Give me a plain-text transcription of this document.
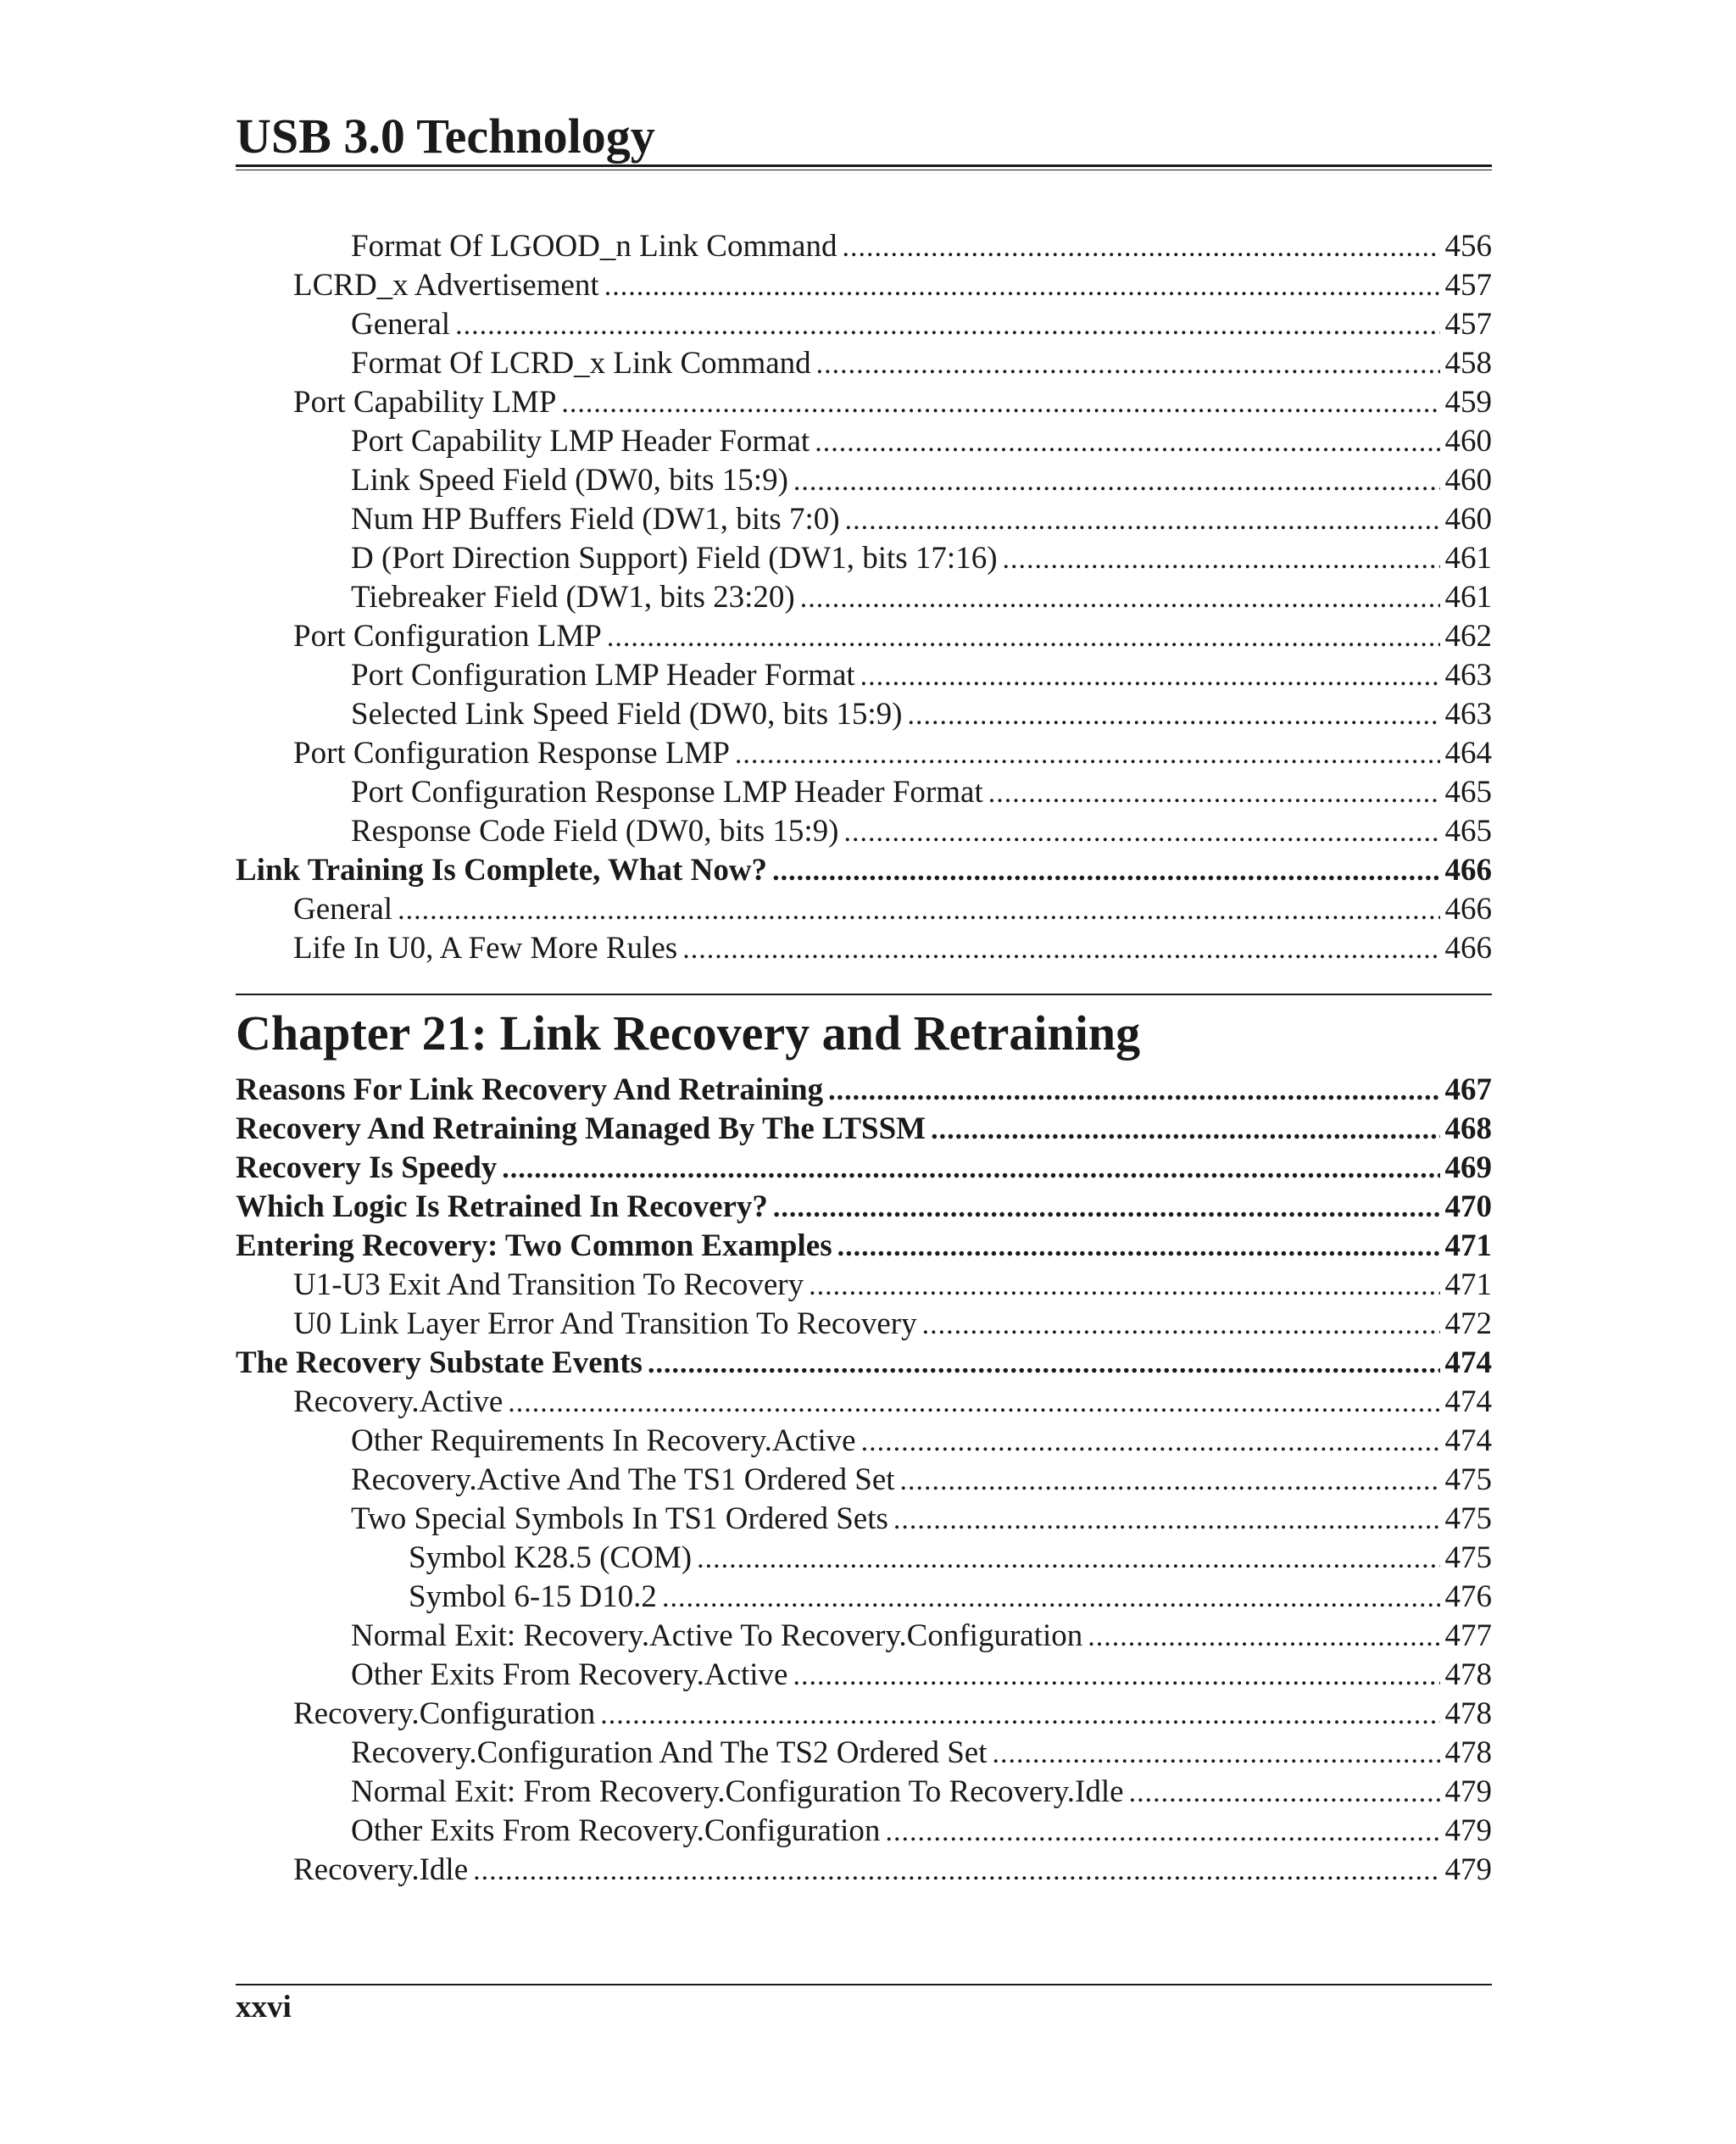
USB 3.0 Technology
Format Of LGOOD_n Link Command .....	456
LCRD_x Advertisement .....	457
General .....	457
Format Of LCRD_x Link Command .....	458
Port Capability LMP .....	459
Port Capability LMP Header Format .....	460
Link Speed Field (DW0, bits 15:9) .....	460
Num HP Buffers Field (DW1, bits 7:0) .....	460
D (Port Direction Support) Field (DW1, bits 17:16) .....	461
Tiebreaker Field (DW1, bits 23:20) .....	461
Port Configuration LMP .....	462
Port Configuration LMP Header Format .....	463
Selected Link Speed Field (DW0, bits 15:9) .....	463
Port Configuration Response LMP .....	464
Port Configuration Response LMP Header Format .....	465
Response Code Field (DW0, bits 15:9) .....	465
Link Training Is Complete, What Now? .....	466
General .....	466
Life In U0, A Few More Rules .....	466
Chapter 21: Link Recovery and Retraining
Reasons For Link Recovery And Retraining .....	467
Recovery And Retraining Managed By The LTSSM .....	468
Recovery Is Speedy .....	469
Which Logic Is Retrained In Recovery? .....	470
Entering Recovery: Two Common Examples .....	471
U1-U3 Exit And Transition To Recovery .....	471
U0 Link Layer Error And Transition To Recovery .....	472
The Recovery Substate Events .....	474
Recovery.Active .....	474
Other Requirements In Recovery.Active .....	474
Recovery.Active And The TS1 Ordered Set .....	475
Two Special Symbols In TS1 Ordered Sets .....	475
Symbol K28.5 (COM) .....	475
Symbol 6-15 D10.2 .....	476
Normal Exit: Recovery.Active To Recovery.Configuration .....	477
Other Exits From Recovery.Active .....	478
Recovery.Configuration .....	478
Recovery.Configuration And The TS2 Ordered Set .....	478
Normal Exit: From Recovery.Configuration To Recovery.Idle .....	479
Other Exits From Recovery.Configuration .....	479
Recovery.Idle .....	479

xxvi
